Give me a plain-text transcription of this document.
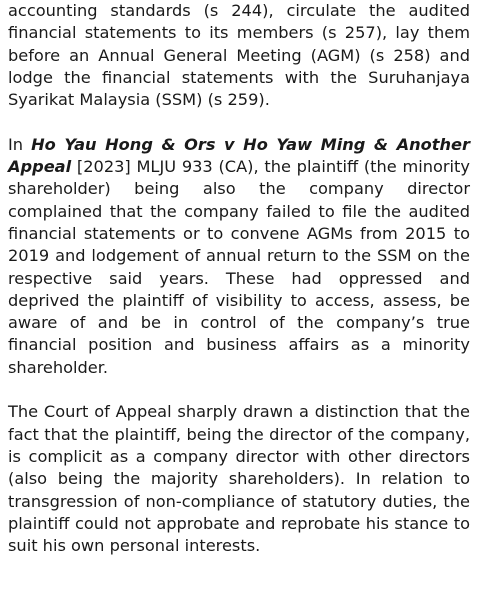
accounting standards (s 244), circulate the audited financial statements to its members (s 257), lay them before an Annual General Meeting (AGM) (s 258) and lodge the financial statements with the Suruhanjaya Syarikat Malaysia (SSM) (s 259).

In Ho Yau Hong & Ors v Ho Yaw Ming & Another Appeal [2023] MLJU 933 (CA), the plaintiff (the minority shareholder) being also the company director complained that the company failed to file the audited financial statements or to convene AGMs from 2015 to 2019 and lodgement of annual return to the SSM on the respective said years. These had oppressed and deprived the plaintiff of visibility to access, assess, be aware of and be in control of the company’s true financial position and business affairs as a minority shareholder.

The Court of Appeal sharply drawn a distinction that the fact that the plaintiff, being the director of the company, is complicit as a company director with other directors (also being the majority shareholders). In relation to transgression of non-compliance of statutory duties, the plaintiff could not approbate and reprobate his stance to suit his own personal interests.
